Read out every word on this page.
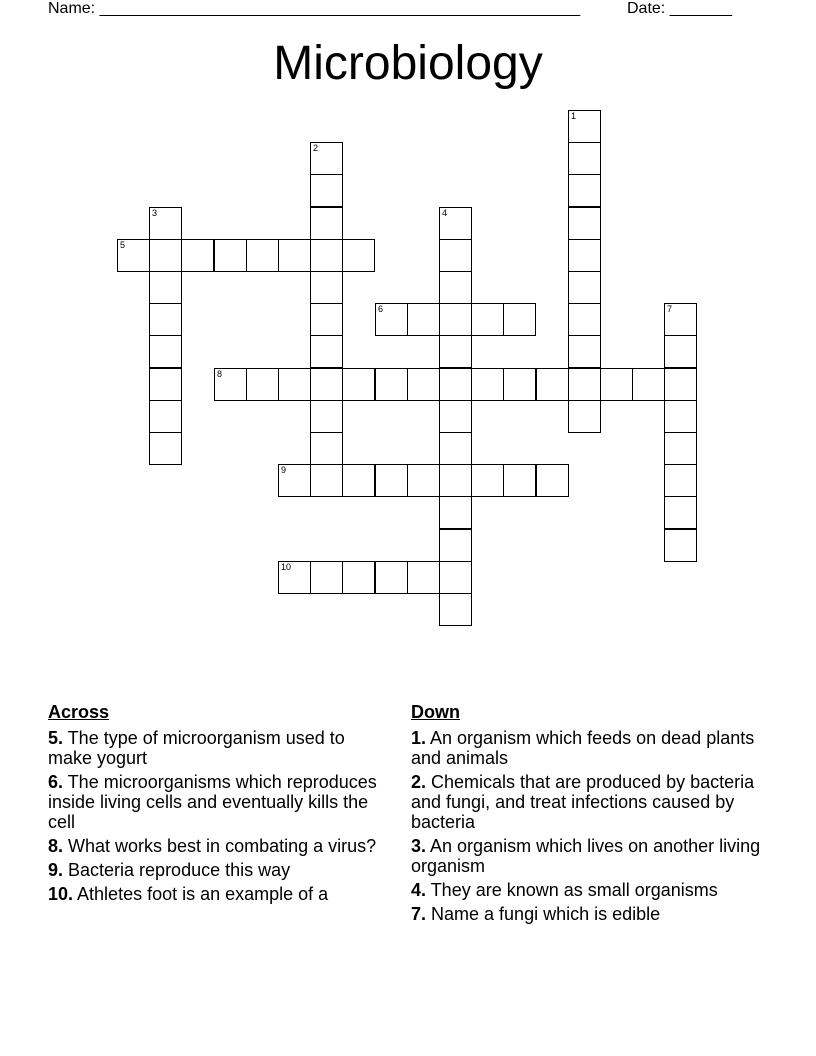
Name: ______________________________________________________	Date: _______
Microbiology
1
2
3	4
5
6	7
8
9
10
Across
5. The type of microorganism used to make yogurt
6. The microorganisms which reproduces inside living cells and eventually kills the cell
8. What works best in combating a virus?
9. Bacteria reproduce this way
10. Athletes foot is an example of a
Down
1. An organism which feeds on dead plants and animals
2. Chemicals that are produced by bacteria and fungi, and treat infections caused by bacteria
3. An organism which lives on another living organism
4. They are known as small organisms
7. Name a fungi which is edible
